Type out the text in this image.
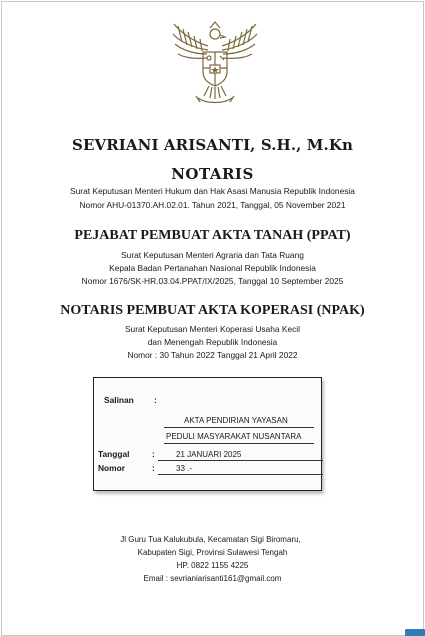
SEVRIANI ARISANTI, S.H., M.Kn
NOTARIS
Surat Keputusan Menteri Hukum dan Hak Asasi Manusia Republik Indonesia
Nomor AHU-01370.AH.02.01. Tahun 2021, Tanggal, 05 November 2021
PEJABAT PEMBUAT AKTA TANAH (PPAT)
Surat Keputusan Menteri Agraria dan Tata Ruang
Kepala Badan Pertanahan Nasional Republik Indonesia
Nomor 1676/SK-HR.03.04.PPAT/IX/2025, Tanggal 10 September 2025
NOTARIS PEMBUAT AKTA KOPERASI (NPAK)
Surat Keputusan Menteri Koperasi Usaha Kecil
dan Menengah Republik Indonesia
Nomor : 30 Tahun 2022 Tanggal 21 April 2022
Salinan :
AKTA PENDIRIAN YAYASAN
PEDULI MASYARAKAT NUSANTARA
Tanggal	:	21 JANUARI 2025
Nomor	:	33 .-
Jl Guru Tua Kalukubula, Kecamatan Sigi Biromaru,
Kabupaten Sigi, Provinsi Sulawesi Tengah
HP. 0822 1155 4225
Email : sevrianiarisanti161@gmail.com
